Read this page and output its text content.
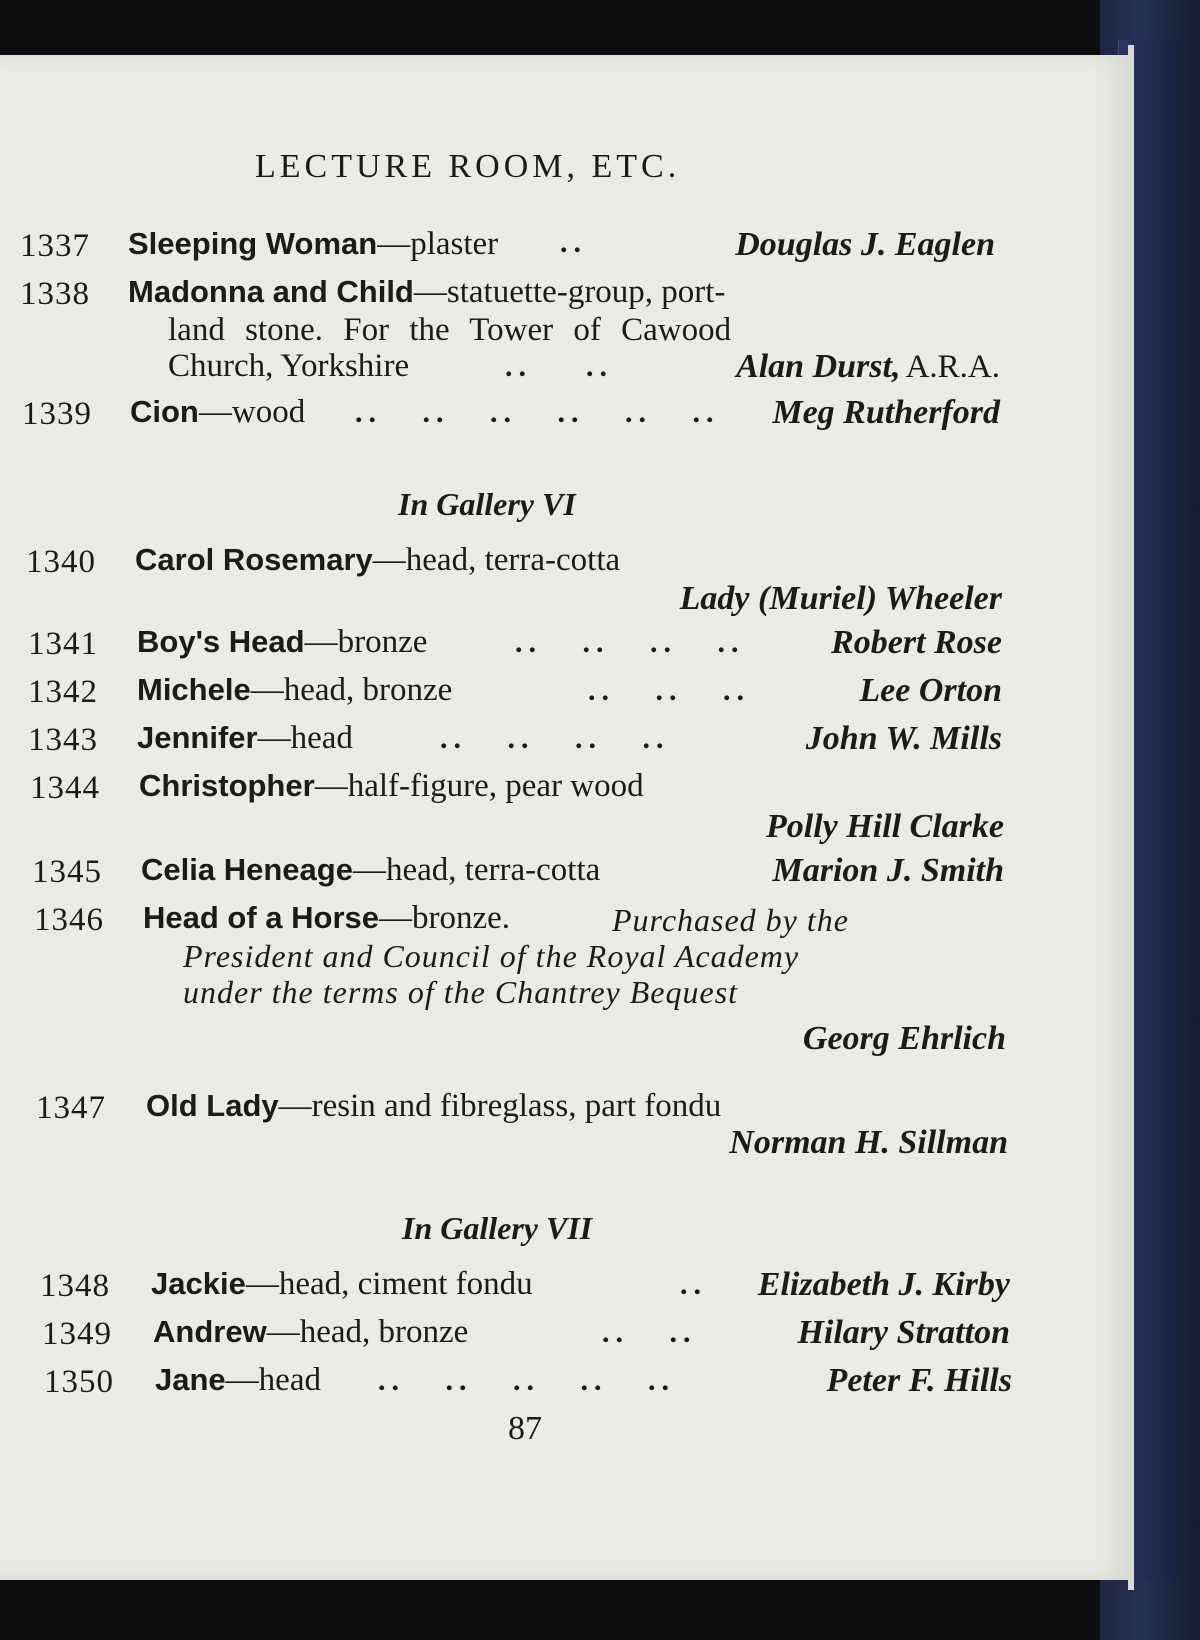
LECTURE ROOM, ETC.
1337 Sleeping Woman—plaster ..	Douglas J. Eaglen
1338 Madonna and Child—statuette-group, port-
land stone. For the Tower of Cawood
Church, Yorkshire	..    ..	Alan Durst, A.R.A.
1339 Cion—wood ..   ..   ..   ..   ..   .. Meg Rutherford
In Gallery VI
1340 Carol Rosemary—head, terra-cotta
Lady (Muriel) Wheeler
1341 Boy's Head—bronze	..   ..   ..   ..	Robert Rose
1342 Michele—head, bronze	..   ..   ..	Lee Orton
1343 Jennifer—head	..   ..   ..   ..	John W. Mills
1344 Christopher—half-figure, pear wood
Polly Hill Clarke
1345 Celia Heneage—head, terra-cotta	Marion J. Smith
1346 Head of a Horse—bronze.	Purchased by the
President and Council of the Royal Academy
under the terms of the Chantrey Bequest
Georg Ehrlich
1347 Old Lady—resin and fibreglass, part fondu
Norman H. Sillman
In Gallery VII
1348 Jackie—head, ciment fondu	.. Elizabeth J. Kirby
1349 Andrew—head, bronze	..   ..	Hilary Stratton
1350 Jane—head ..   ..   ..   ..   ..	Peter F. Hills
87
